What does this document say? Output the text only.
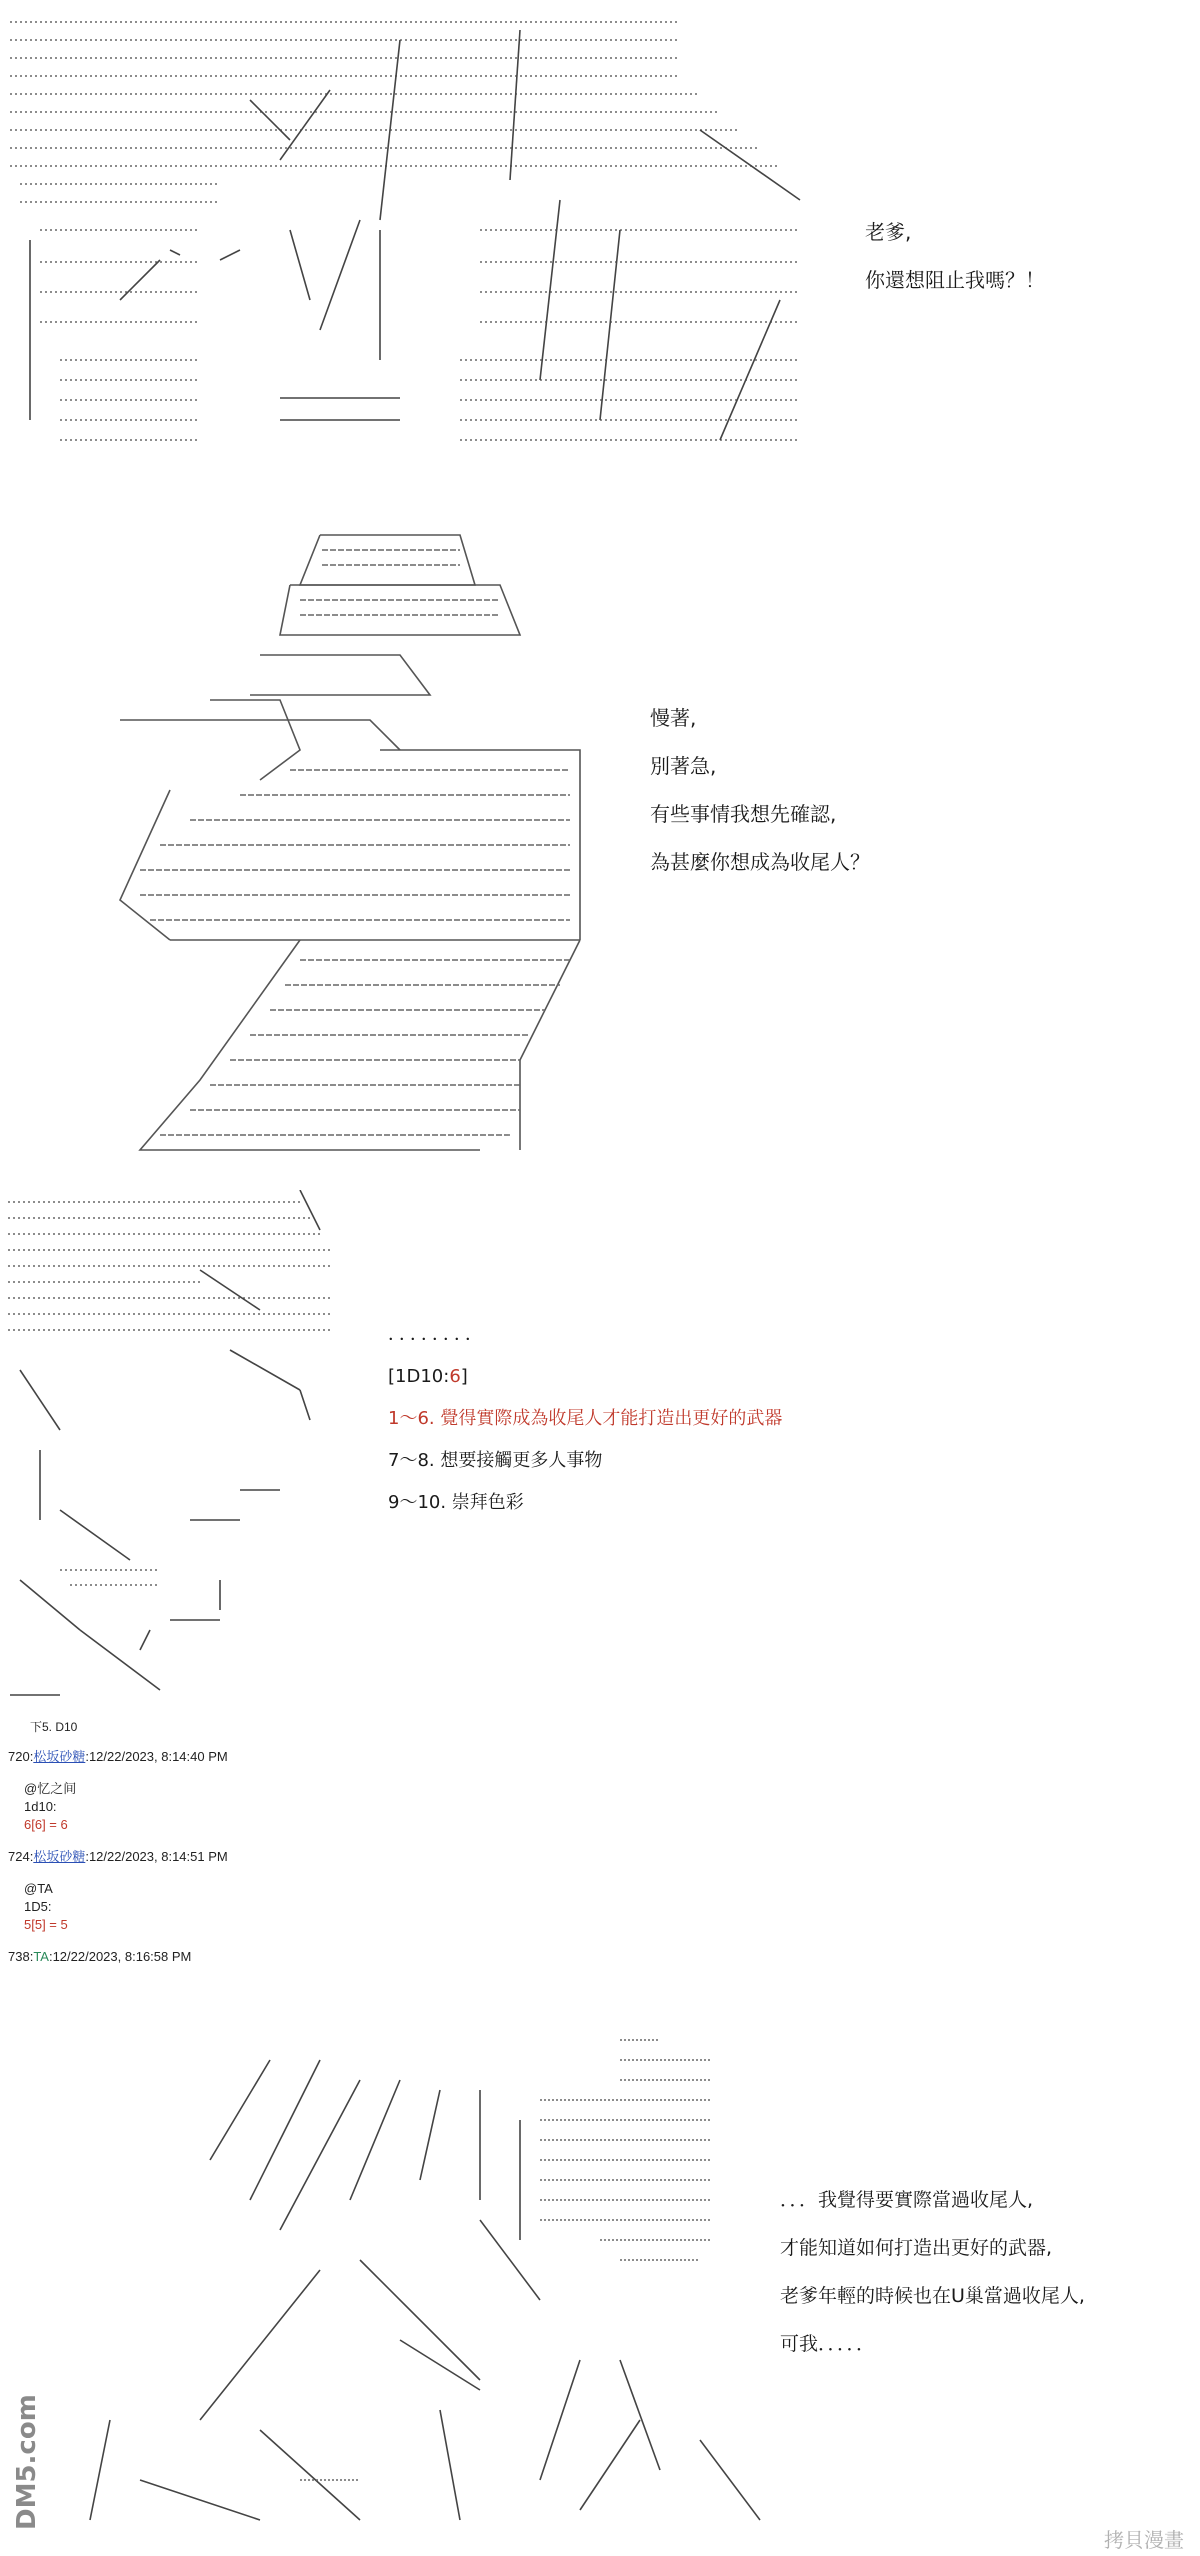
老爹,
你還想阻止我嗎？！
慢著,
別著急,
有些事情我想先確認,
為甚麼你想成為收尾人？
．．．．．．．．
[1D10:6]
1～6. 覺得實際成為收尾人才能打造出更好的武器
7～8. 想要接觸更多人事物
9～10. 崇拜色彩
下5. D10
720:松坂砂糖:12/22/2023, 8:14:40 PM
@忆之间
1d10:
6[6] = 6
724:松坂砂糖:12/22/2023, 8:14:51 PM
@TA
1D5:
5[5] = 5
738:TA:12/22/2023, 8:16:58 PM
．．．我覺得要實際當過收尾人,
才能知道如何打造出更好的武器,
老爹年輕的時候也在U巢當過收尾人,
可我．．．．．
DM5.com
拷貝漫畫
